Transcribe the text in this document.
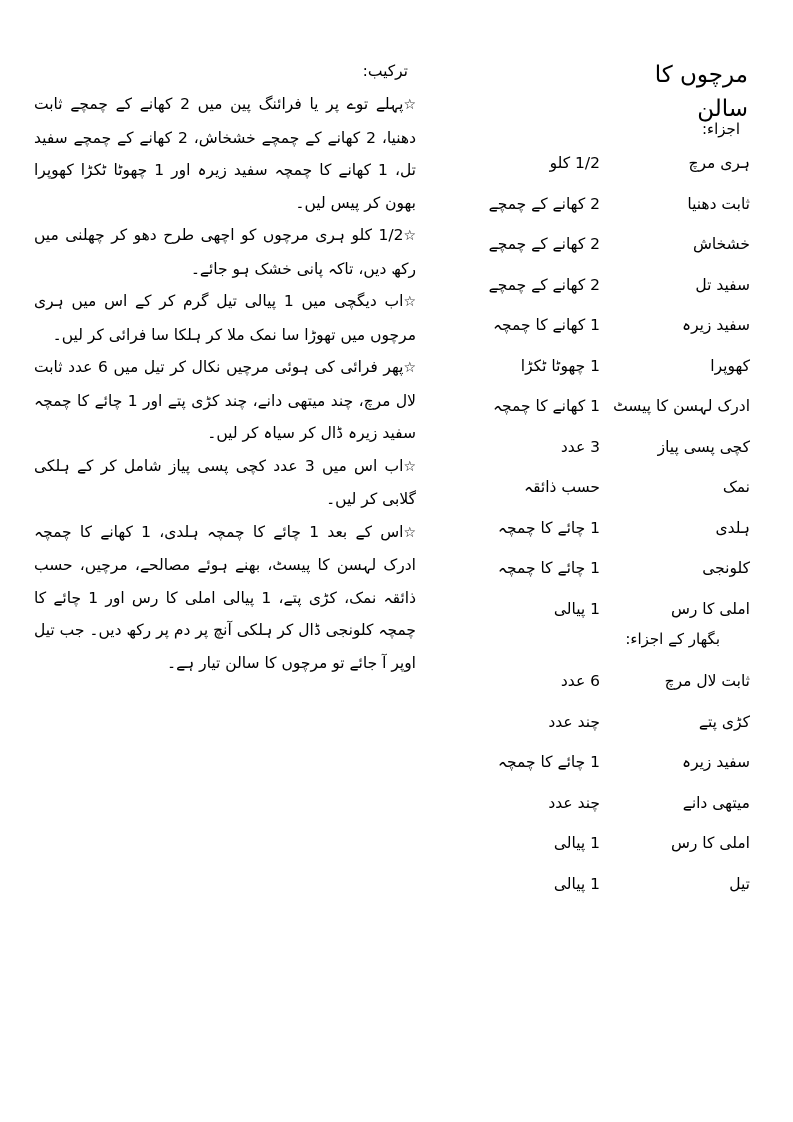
مرچوں کا سالن
اجزاء:
ہری مرچ
1/2 کلو
ثابت دھنیا
2 کھانے کے چمچے
خشخاش
2 کھانے کے چمچے
سفید تل
2 کھانے کے چمچے
سفید زیرہ
1 کھانے کا چمچہ
کھوپرا
1 چھوٹا ٹکڑا
ادرک لہسن کا پیسٹ
1 کھانے کا چمچہ
کچی پسی پیاز
3 عدد
نمک
حسب ذائقہ
ہلدی
1 چائے کا چمچہ
کلونجی
1 چائے کا چمچہ
املی کا رس
1 پیالی
بگھار کے اجزاء:
ثابت لال مرچ
6 عدد
کڑی پتے
چند عدد
سفید زیرہ
1 چائے کا چمچہ
میتھی دانے
چند عدد
املی کا رس
1 پیالی
تیل
1 پیالی
ترکیب:

☆پہلے توے پر یا فرائنگ پین میں 2 کھانے کے چمچے ثابت دھنیا، 2 کھانے کے چمچے خشخاش، 2 کھانے کے چمچے سفید تل، 1 کھانے کا چمچہ سفید زیرہ اور 1 چھوٹا ٹکڑا کھوپرا بھون کر پیس لیں۔

☆1/2 کلو ہری مرچوں کو اچھی طرح دھو کر چھلنی میں رکھ دیں، تاکہ پانی خشک ہو جائے۔

☆اب دیگچی میں 1 پیالی تیل گرم کر کے اس میں ہری مرچوں میں تھوڑا سا نمک ملا کر ہلکا سا فرائی کر لیں۔

☆پھر فرائی کی ہوئی مرچیں نکال کر تیل میں 6 عدد ثابت لال مرچ، چند میتھی دانے، چند کڑی پتے اور 1 چائے کا چمچہ سفید زیرہ ڈال کر سیاہ کر لیں۔

☆اب اس میں 3 عدد کچی پسی پیاز شامل کر کے ہلکی گلابی کر لیں۔

☆اس کے بعد 1 چائے کا چمچہ ہلدی، 1 کھانے کا چمچہ ادرک لہسن کا پیسٹ، بھنے ہوئے مصالحے، مرچیں، حسب ذائقہ نمک، کڑی پتے، 1 پیالی املی کا رس اور 1 چائے کا چمچہ کلونجی ڈال کر ہلکی آنچ پر دم پر رکھ دیں۔ جب تیل اوپر آ جائے تو مرچوں کا سالن تیار ہے۔
